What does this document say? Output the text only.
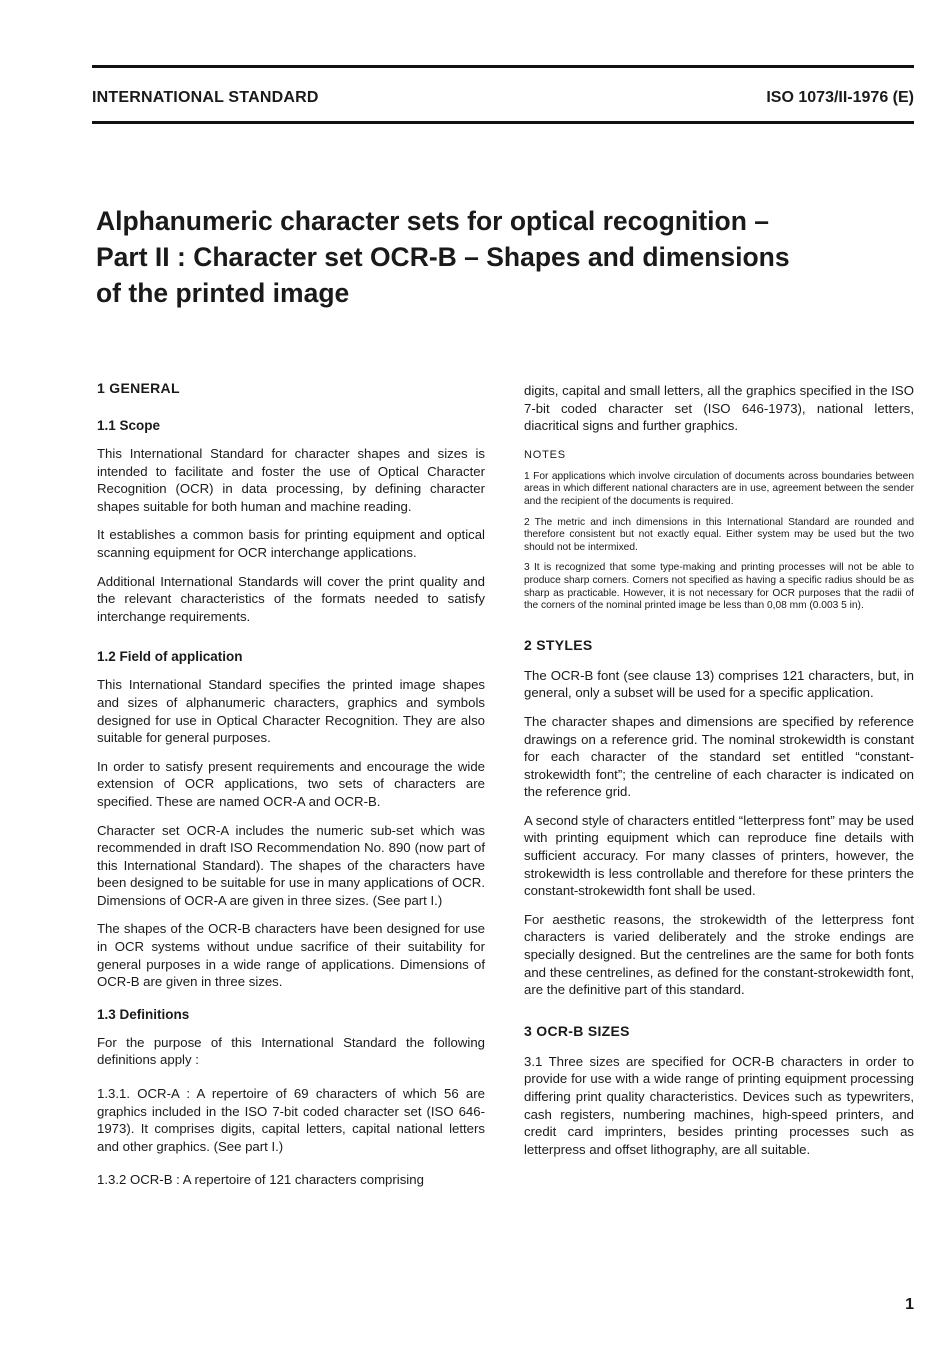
INTERNATIONAL STANDARD	ISO 1073/II-1976 (E)
Alphanumeric character sets for optical recognition –
Part II : Character set OCR-B – Shapes and dimensions
of the printed image
1 GENERAL
1.1 Scope

This International Standard for character shapes and sizes is intended to facilitate and foster the use of Optical Character Recognition (OCR) in data processing, by defining character shapes suitable for both human and machine reading.

It establishes a common basis for printing equipment and optical scanning equipment for OCR interchange applications.

Additional International Standards will cover the print quality and the relevant characteristics of the formats needed to satisfy interchange requirements.

1.2 Field of application

This International Standard specifies the printed image shapes and sizes of alphanumeric characters, graphics and symbols designed for use in Optical Character Recognition. They are also suitable for general purposes.

In order to satisfy present requirements and encourage the wide extension of OCR applications, two sets of characters are specified. These are named OCR-A and OCR-B.

Character set OCR-A includes the numeric sub-set which was recommended in draft ISO Recommendation No. 890 (now part of this International Standard). The shapes of the characters have been designed to be suitable for use in many applications of OCR. Dimensions of OCR-A are given in three sizes. (See part I.)

The shapes of the OCR-B characters have been designed for use in OCR systems without undue sacrifice of their suitability for general purposes in a wide range of applications. Dimensions of OCR-B are given in three sizes.

1.3 Definitions

For the purpose of this International Standard the following definitions apply :

1.3.1. OCR-A : A repertoire of 69 characters of which 56 are graphics included in the ISO 7-bit coded character set (ISO 646-1973). It comprises digits, capital letters, capital national letters and other graphics. (See part I.)

1.3.2 OCR-B : A repertoire of 121 characters comprising

digits, capital and small letters, all the graphics specified in the ISO 7-bit coded character set (ISO 646-1973), national letters, diacritical signs and further graphics.

NOTES

1 For applications which involve circulation of documents across boundaries between areas in which different national characters are in use, agreement between the sender and the recipient of the documents is required.

2 The metric and inch dimensions in this International Standard are rounded and therefore consistent but not exactly equal. Either system may be used but the two should not be intermixed.

3 It is recognized that some type-making and printing processes will not be able to produce sharp corners. Corners not specified as having a specific radius should be as sharp as practicable. However, it is not necessary for OCR purposes that the radii of the corners of the nominal printed image be less than 0,08 mm (0.003 5 in).

2 STYLES

The OCR-B font (see clause 13) comprises 121 characters, but, in general, only a subset will be used for a specific application.

The character shapes and dimensions are specified by reference drawings on a reference grid. The nominal strokewidth is constant for each character of the standard set entitled “constant-strokewidth font”; the centreline of each character is indicated on the reference grid.

A second style of characters entitled “letterpress font” may be used with printing equipment which can reproduce fine details with sufficient accuracy. For many classes of printers, however, the strokewidth is less controllable and therefore for these printers the constant-strokewidth font shall be used.

For aesthetic reasons, the strokewidth of the letterpress font characters is varied deliberately and the stroke endings are specially designed. But the centrelines are the same for both fonts and these centrelines, as defined for the constant-strokewidth font, are the definitive part of this standard.

3 OCR-B SIZES

3.1 Three sizes are specified for OCR-B characters in order to provide for use with a wide range of printing equipment processing differing print quality characteristics. Devices such as typewriters, cash registers, numbering machines, high-speed printers, and credit card imprinters, besides printing processes such as letterpress and offset lithography, are all suitable.

1
